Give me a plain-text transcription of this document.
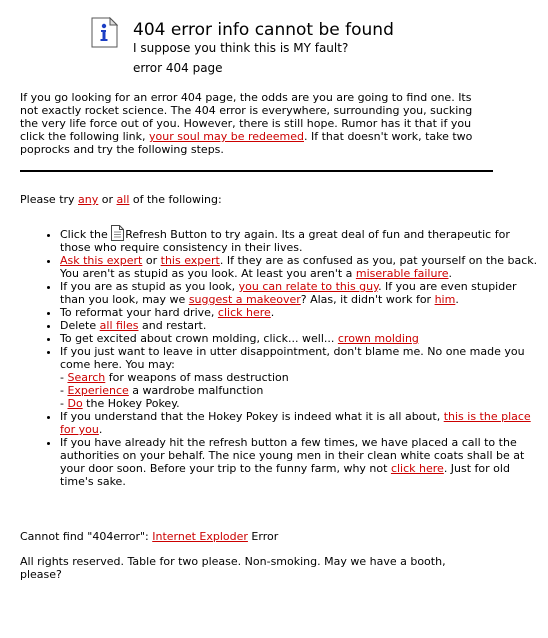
404 error info cannot be found
I suppose you think this is MY fault?
error 404 page
If you go looking for an error 404 page, the odds are you are going to find one. Its not exactly rocket science. The 404 error is everywhere, surrounding you, sucking the very life force out of you. However, there is still hope. Rumor has it that if you click the following link, your soul may be redeemed. If that doesn't work, take two poprocks and try the following steps.
Please try any or all of the following:
• Click the Refresh Button to try again. Its a great deal of fun and therapeutic for those who require consistency in their lives.
• Ask this expert or this expert. If they are as confused as you, pat yourself on the back. You aren't as stupid as you look. At least you aren't a miserable failure.
• If you are as stupid as you look, you can relate to this guy. If you are even stupider than you look, may we suggest a makeover? Alas, it didn't work for him.
• To reformat your hard drive, click here.
• Delete all files and restart.
• To get excited about crown molding, click... well... crown molding
• If you just want to leave in utter disappointment, don't blame me. No one made you come here. You may:
- Search for weapons of mass destruction
- Experience a wardrobe malfunction
- Do the Hokey Pokey.
• If you understand that the Hokey Pokey is indeed what it is all about, this is the place for you.
• If you have already hit the refresh button a few times, we have placed a call to the authorities on your behalf. The nice young men in their clean white coats shall be at your door soon. Before your trip to the funny farm, why not click here. Just for old time's sake.
Cannot find "404error": Internet Exploder Error
All rights reserved. Table for two please. Non-smoking. May we have a booth, please?
